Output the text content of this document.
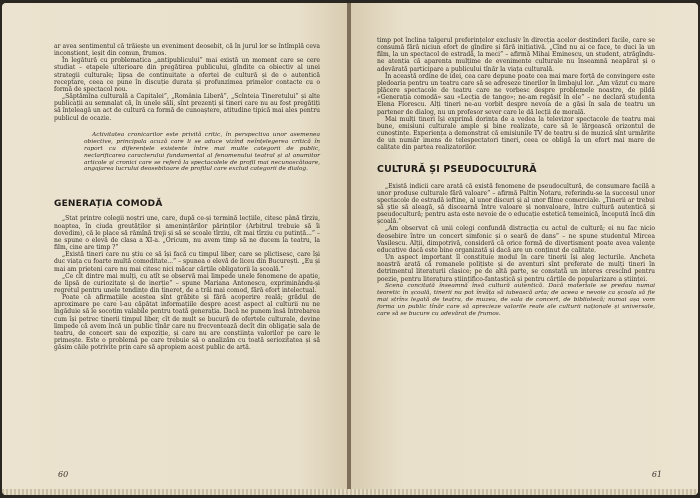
ar avea sentimentul că trăiește un eveniment deosebit, că în jurul lor se întîmplă ceva inconștient, ieșit din comun, frumos.

În legătură cu problematica „antipublicului” mai există un moment care se cere studiat – etapele ulterioare din pregătirea publicului, gîndite ca obiectiv al unei strategii culturale; lipsa de continuitate a ofertei de cultură și de o autentică receptare, ceea ce pune în discuție durata și profunzimea primelor contacte cu o formă de spectacol nou.

„Săptămîna culturală a Capitalei”, „România Liberă”, „Scînteia Tineretului” și alte publicații au semnalat că, în unele săli, sînt prezenți și tineri care nu au fost pregătiți să înțeleagă un act de cultură ca formă de cunoaștere, atitudine tipică mai ales pentru publicul de ocazie.

Activitatea cronicarilor este privită critic, în perspectiva unor asemenea obiective, principala acuză care li se aduce vizînd neînțelegerea critică în raport cu diferențele existente între mai multe categorii de public, neclarificarea caracterului fundamental al fenomenului teatral și al anumitor articole și cronici care se referă la spectacolele de profil mai necunoscătoare, angajarea lucrului deosebitoare de profilul care exclud categorii de dialog.

GENERAȚIA COMODĂ

„Stat printre colegii noștri une, care, după ce-și termină lecțiile, citesc până tîrziu, noaptea, în ciuda greutăților și amenințărilor părinților (Arbitrul trebuie să îi dovedim), că le place să rămînă treji și să se scoale tîrziu, cît mai tîrziu cu putință...” – ne spune o elevă de clasa a XI-a. „Oricum, nu avem timp să ne ducem la teatru, la film, cine are timp ?”

„Există tineri care nu știu ce să își facă cu timpul liber, care se plictisesc, care își duc viața cu foarte multă comoditate...” – spunea o elevă de liceu din București. „Eu și mai am prieteni care nu mai citesc nici măcar cărțile obligatorii la școală.”

„Ce cît dintre mai mulți, cu atît se observă mai limpede unele fenomene de apatie, de lipsă de curiozitate și de inerție” – spune Mariana Antonescu, expriminându-și regretul pentru unele tendințe din tineret, de a trăi mai comod, fără efort intelectual.

Poate că afirmațiile acestea sînt grăbite și fără acoperire reală; grădul de aproximare pe care l-au căpătat informațiile despre acest aspect al culturii nu ne îngăduie să le socotim valabile pentru toată generația. Dacă ne punem însă întrebarea cum își petrec tinerii timpul liber, cît de mult se bucură de ofertele culturale, devine limpede că avem încă un public tînăr care nu frecventează decît din obligație sala de teatru, de concert sau de expoziție, și care nu are conștiința valorilor pe care le primește. Este o problemă pe care trebuie să o analizăm cu toată seriozitatea și să găsim căile potrivite prin care să apropiem acest public de artă.

60

timp pot înclina talgerul preferințelor exclusiv în direcția acelor destinderi facile, care se consumă fără niciun efort de gîndire și fără inițiativă. „Cînd nu ai ce face, te duci la un film, la un spectacol de estradă, la meci” – afirmă Mihai Eminescu, un student, atrăgîndu-ne atenția că aparenta mulțime de evenimente culturale nu înseamnă neapărat și o adevărată participare a publicului tînăr la viața culturală.

În această ordine de idei, cea care depune poate cea mai mare forță de convingere este pledoaria pentru un teatru care să se adreseze tinerilor în limbajul lor. „Am văzut cu mare plăcere spectacole de teatru care ne vorbesc despre problemele noastre, de pildă «Generația comodă» sau «Lecția de tango»; ne-am regăsit în ele” – ne declară studenta Elena Florescu. Alți tineri ne-au vorbit despre nevoia de a găsi în sala de teatru un partener de dialog, nu un profesor sever care le dă lecții de morală.

Mai mulți tineri își exprimă dorința de a vedea la televizor spectacole de teatru mai bune, emisiuni culturale ample și bine realizate, care să le lărgească orizontul de cunoștințe. Experiența a demonstrat că emisiunile TV de teatru și de muzică sînt urmărite de un număr imens de telespectatori tineri, ceea ce obligă la un efort mai mare de calitate din partea realizatorilor.

CULTURĂ ȘI PSEUDOCULTURĂ

„Există indicii care arată că există fenomene de pseudocultură, de consumare facilă a unor produse culturale fără valoare” – afirmă Paltin Notaru, referindu-se la succesul unor spectacole de estradă ieftine, al unor discuri și al unor filme comerciale. „Tinerii ar trebui să știe să aleagă, să discearnă între valoare și nonvaloare, între cultură autentică și pseudocultură; pentru asta este nevoie de o educație estetică temeinică, începută încă din școală.”

„Am observat că unii colegi confundă distracția cu actul de cultură; ei nu fac nicio deosebire între un concert simfonic și o seară de dans” – ne spune studentul Mircea Vasilescu. Alții, dimpotrivă, consideră că orice formă de divertisment poate avea valențe educative dacă este bine organizată și dacă are un conținut de calitate.

Un aspect important îl constituie modul în care tinerii își aleg lecturile. Ancheta noastră arată că romanele polițiste și de aventuri sînt preferate de mulți tineri în detrimentul literaturii clasice; pe de altă parte, se constată un interes crescînd pentru poezie, pentru literatura științifico-fantastică și pentru cărțile de popularizare a științei.

Scena concitată înseamnă însă cultură autentică. Dacă materiale se predau numai teoretic în școală, tinerii nu pot învăța să iubească arta; de aceea e nevoie ca școala să fie mai strîns legată de teatru, de muzeu, de sala de concert, de bibliotecă; numai așa vom forma un public tînăr care să aprecieze valorile reale ale culturii naționale și universale, care să se bucure cu adevărat de frumos.

61
